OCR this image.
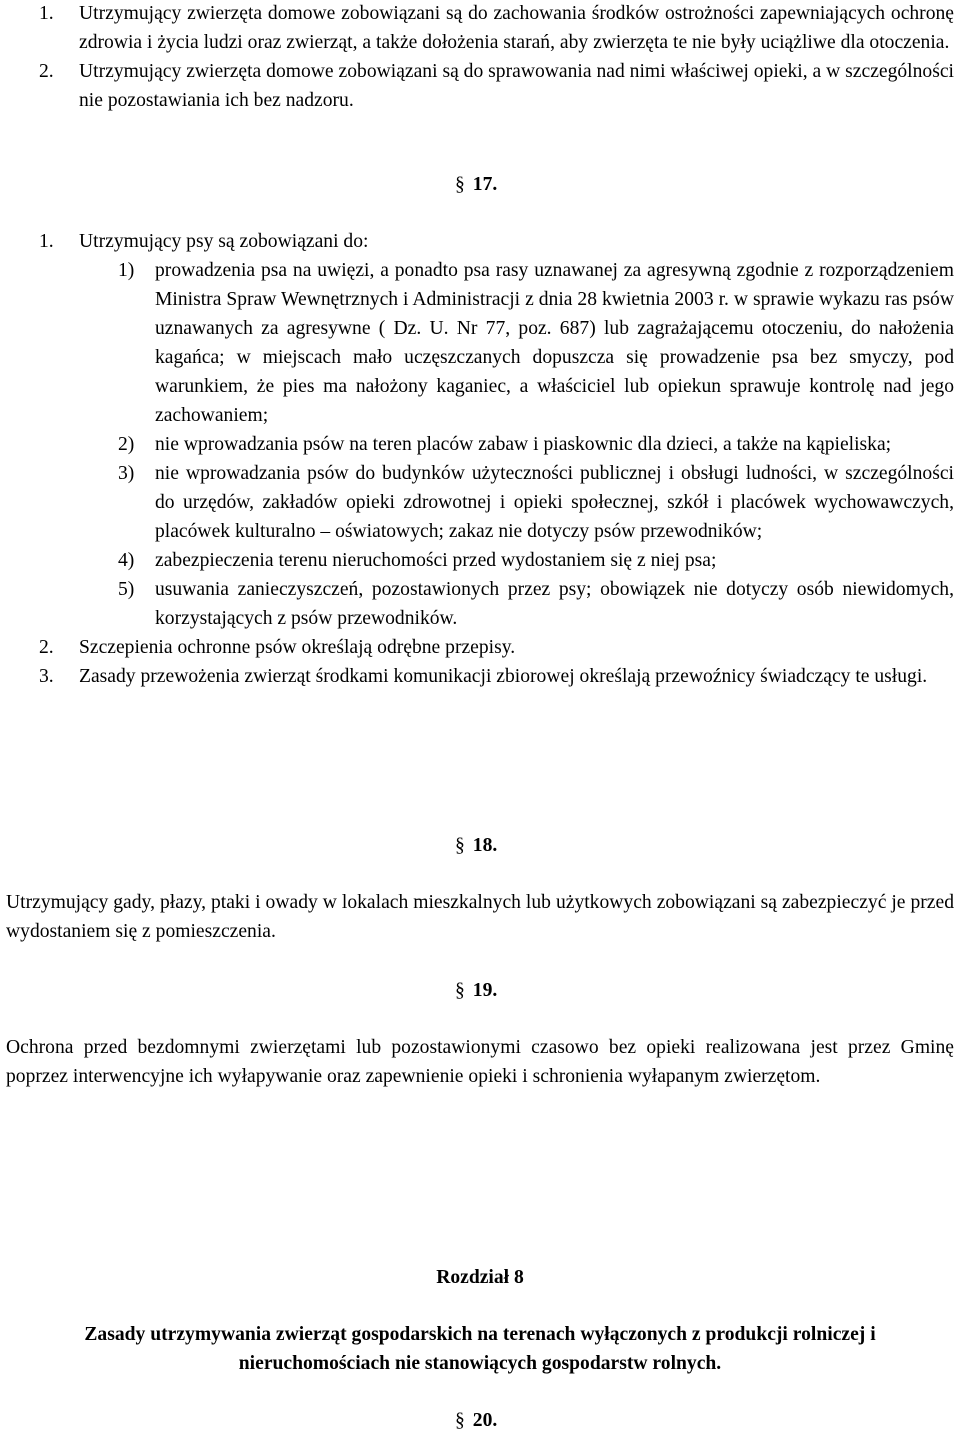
1. Utrzymujący zwierzęta domowe zobowiązani są do zachowania środków ostrożności zapewniających ochronę zdrowia i życia ludzi oraz zwierząt, a także dołożenia starań, aby zwierzęta te nie były uciążliwe dla otoczenia.
2. Utrzymujący zwierzęta domowe zobowiązani są do sprawowania nad nimi właściwej opieki, a w szczególności nie pozostawiania ich bez nadzoru.
§ 17.
1. Utrzymujący psy są zobowiązani do:
1) prowadzenia psa na uwięzi, a ponadto psa rasy uznawanej za agresywną zgodnie z rozporządzeniem Ministra Spraw Wewnętrznych i Administracji z dnia 28 kwietnia 2003 r. w sprawie wykazu ras psów uznawanych za agresywne ( Dz. U. Nr 77, poz. 687) lub zagrażającemu otoczeniu, do nałożenia kagańca; w miejscach mało uczęszczanych dopuszcza się prowadzenie psa bez smyczy, pod warunkiem, że pies ma nałożony kaganiec, a właściciel lub opiekun sprawuje kontrolę nad jego zachowaniem;
2) nie wprowadzania psów na teren placów zabaw i piaskownic dla dzieci, a także na kąpieliska;
3) nie wprowadzania psów do budynków użyteczności publicznej i obsługi ludności, w szczególności do urzędów, zakładów opieki zdrowotnej i opieki społecznej, szkół i placówek wychowawczych, placówek kulturalno – oświatowych; zakaz nie dotyczy psów przewodników;
4) zabezpieczenia terenu nieruchomości przed wydostaniem się z niej psa;
5) usuwania zanieczyszczeń, pozostawionych przez psy; obowiązek nie dotyczy osób niewidomych, korzystających z psów przewodników.
2. Szczepienia ochronne psów określają odrębne przepisy.
3. Zasady przewożenia zwierząt środkami komunikacji zbiorowej określają przewoźnicy świadczący te usługi.
§ 18.
Utrzymujący gady, płazy, ptaki i owady w lokalach mieszkalnych lub użytkowych zobowiązani są zabezpieczyć je przed wydostaniem się z pomieszczenia.
§ 19.
Ochrona przed bezdomnymi zwierzętami lub pozostawionymi czasowo bez opieki realizowana jest przez Gminę poprzez interwencyjne ich wyłapywanie oraz zapewnienie opieki i schronienia wyłapanym zwierzętom.
Rozdział 8
Zasady utrzymywania zwierząt gospodarskich na terenach wyłączonych z produkcji rolniczej i nieruchomościach nie stanowiących gospodarstw rolnych.
§ 20.
